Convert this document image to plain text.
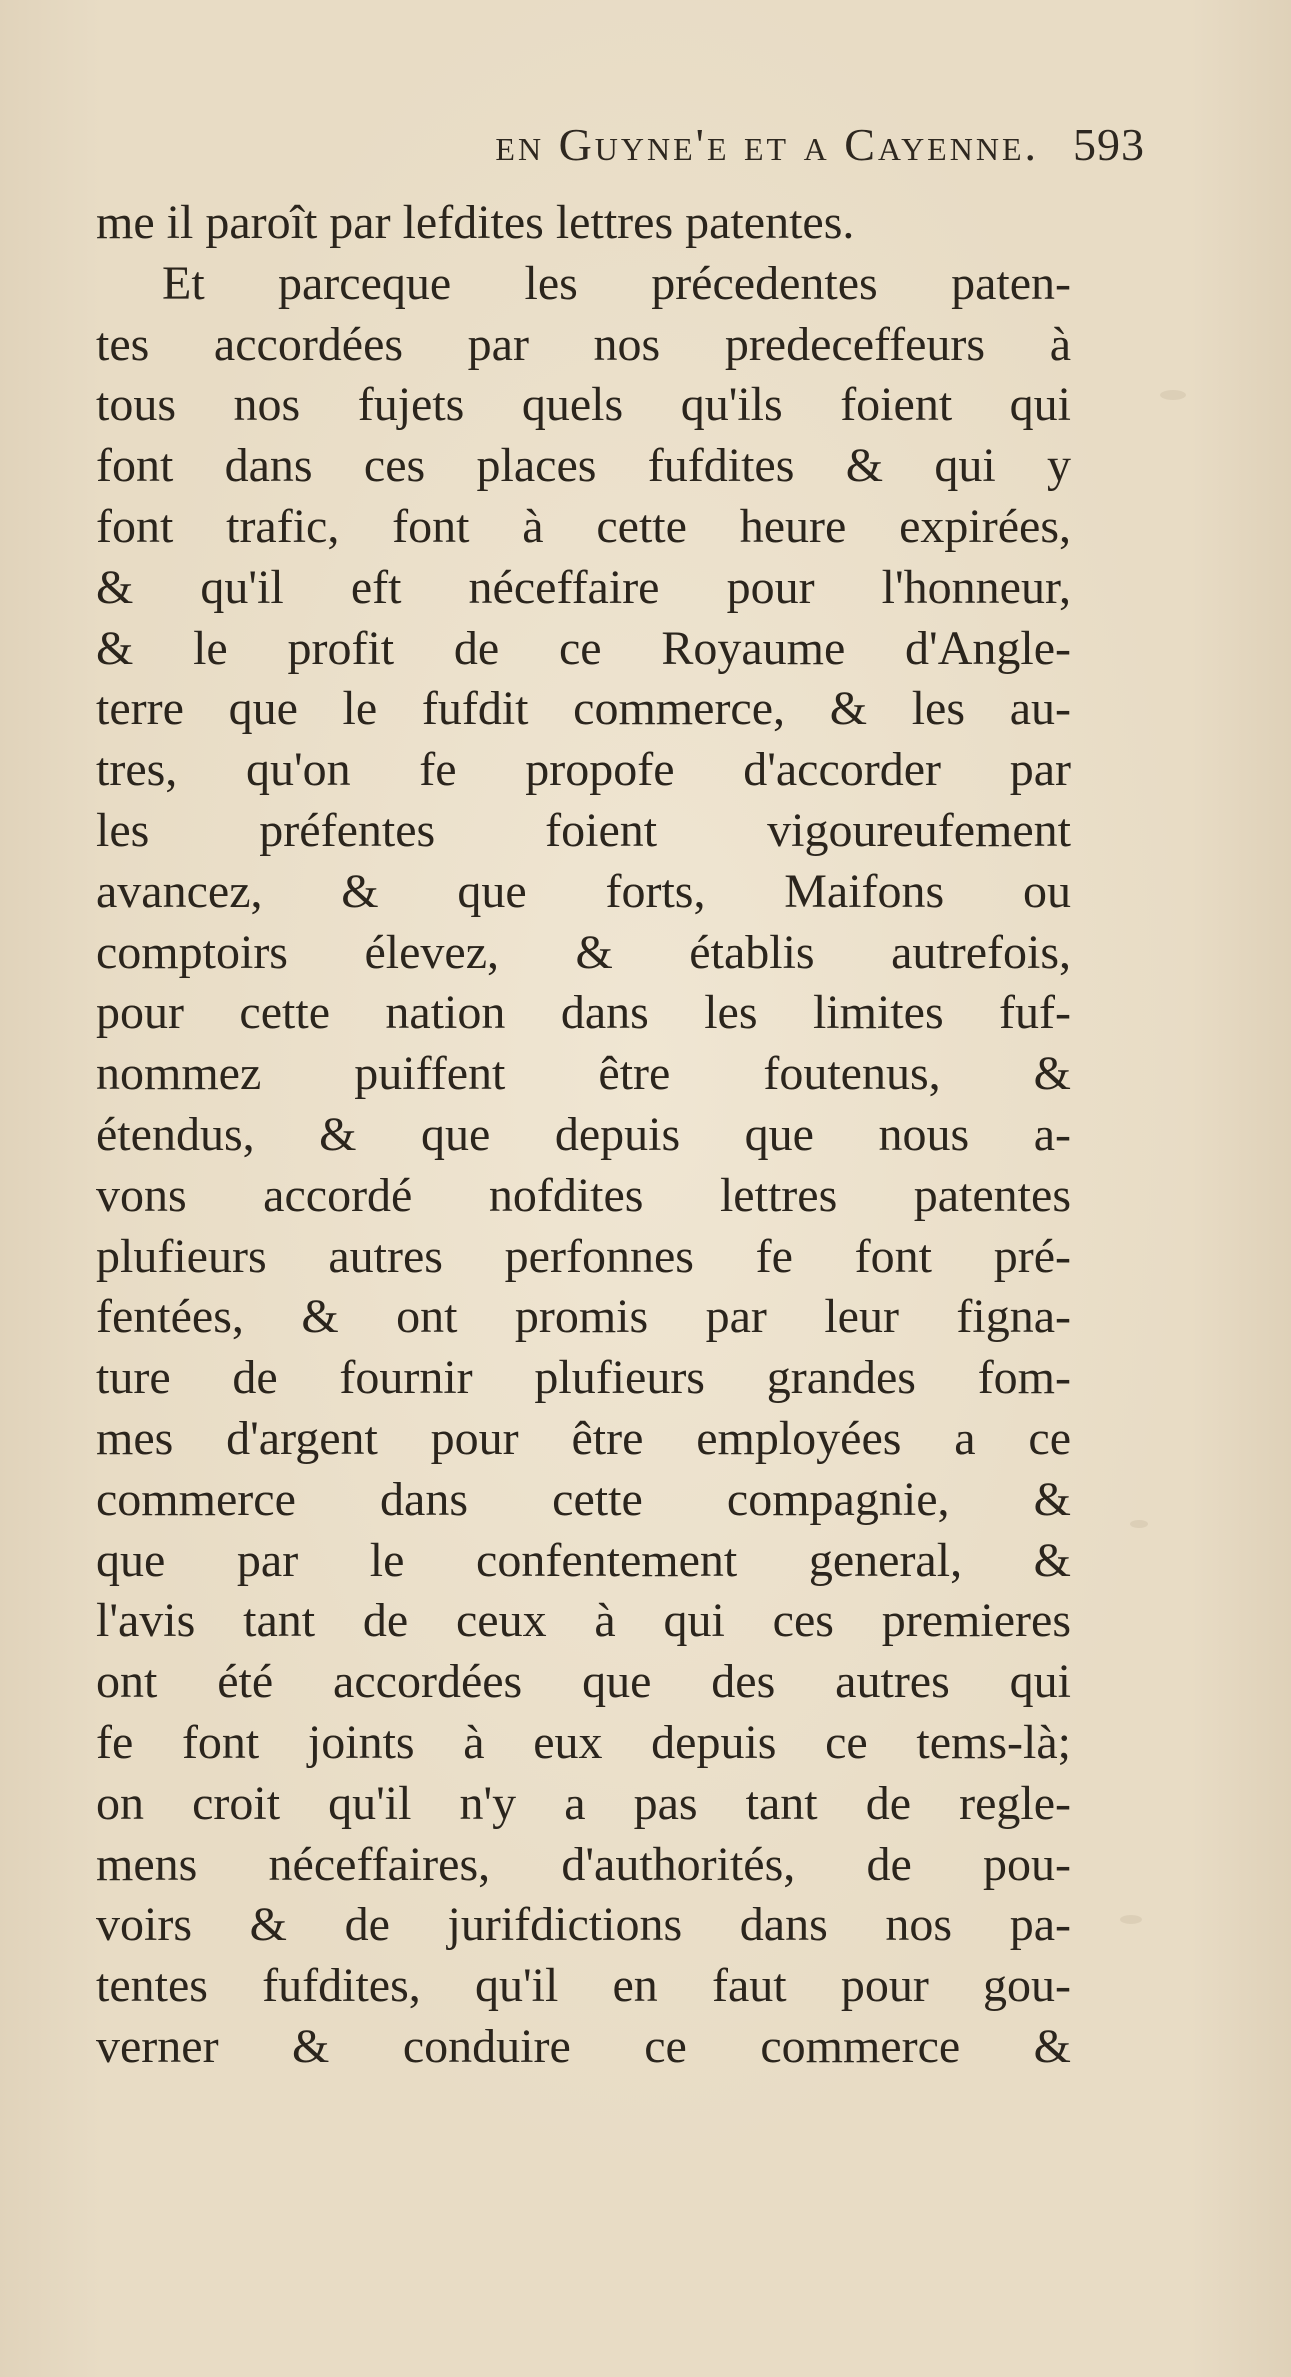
en Guyne'e et a Cayenne. 593
me il paroît par lefdites lettres patentes.
Et parceque les précedentes paten-
tes accordées par nos predeceffeurs à
tous nos fujets quels qu'ils foient qui
font dans ces places fufdites & qui y
font trafic, font à cette heure expirées,
& qu'il eft néceffaire pour l'honneur,
& le profit de ce Royaume d'Angle-
terre que le fufdit commerce, & les au-
tres, qu'on fe propofe d'accorder par
les préfentes foient vigoureufement
avancez, & que forts, Maifons ou
comptoirs élevez, & établis autrefois,
pour cette nation dans les limites fuf-
nommez puiffent être foutenus, &
étendus, & que depuis que nous a-
vons accordé nofdites lettres patentes
plufieurs autres perfonnes fe font pré-
fentées, & ont promis par leur figna-
ture de fournir plufieurs grandes fom-
mes d'argent pour être employées a ce
commerce dans cette compagnie, &
que par le confentement general, &
l'avis tant de ceux à qui ces premieres
ont été accordées que des autres qui
fe font joints à eux depuis ce tems-là;
on croit qu'il n'y a pas tant de regle-
mens néceffaires, d'authorités, de pou-
voirs & de jurifdictions dans nos pa-
tentes fufdites, qu'il en faut pour gou-
verner & conduire ce commerce &
